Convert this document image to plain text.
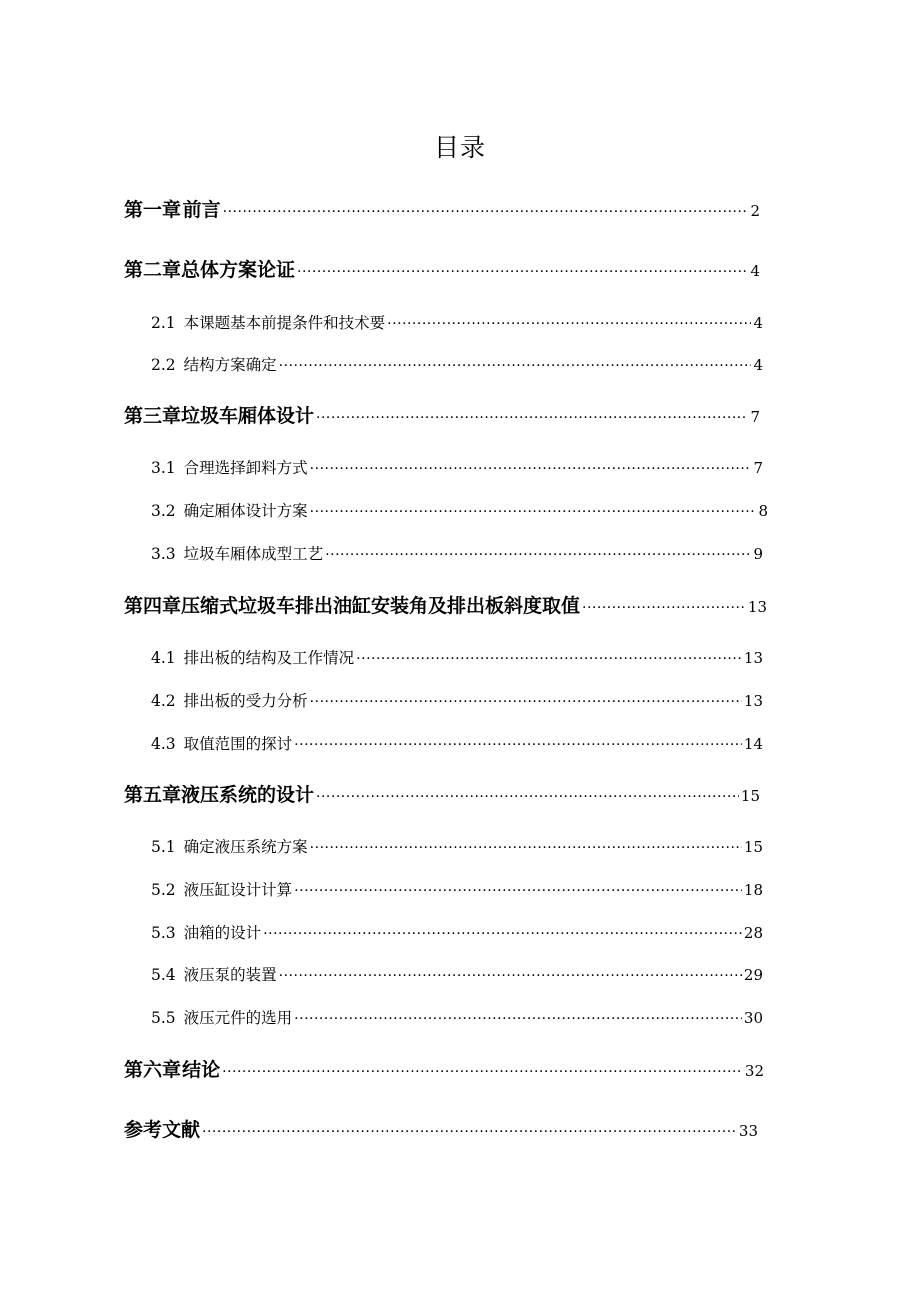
目录
第一章 前言 ·····	2
第二章 总体方案论证 ·····	4
2.1 本课题基本前提条件和技术要 ·····	4
2.2 结构方案确定 ·····	4
第三章 垃圾车厢体设计 ·····	7
3.1 合理选择卸料方式 ·····	7
3.2 确定厢体设计方案 ·····	8
3.3 垃圾车厢体成型工艺 ·····	9
第四章 压缩式垃圾车排出油缸安装角及排出板斜度取值 ·····	13
4.1 排出板的结构及工作情况 ·····	13
4.2 排出板的受力分析 ·····	13
4.3 取值范围的探讨 ·····	14
第五章 液压系统的设计 ·····	15
5.1 确定液压系统方案 ·····	15
5.2 液压缸设计计算 ·····	18
5.3 油箱的设计 ·····	28
5.4 液压泵的装置 ·····	29
5.5 液压元件的选用 ·····	30
第六章 结论 ·····	32
参考文献 ·····	33
